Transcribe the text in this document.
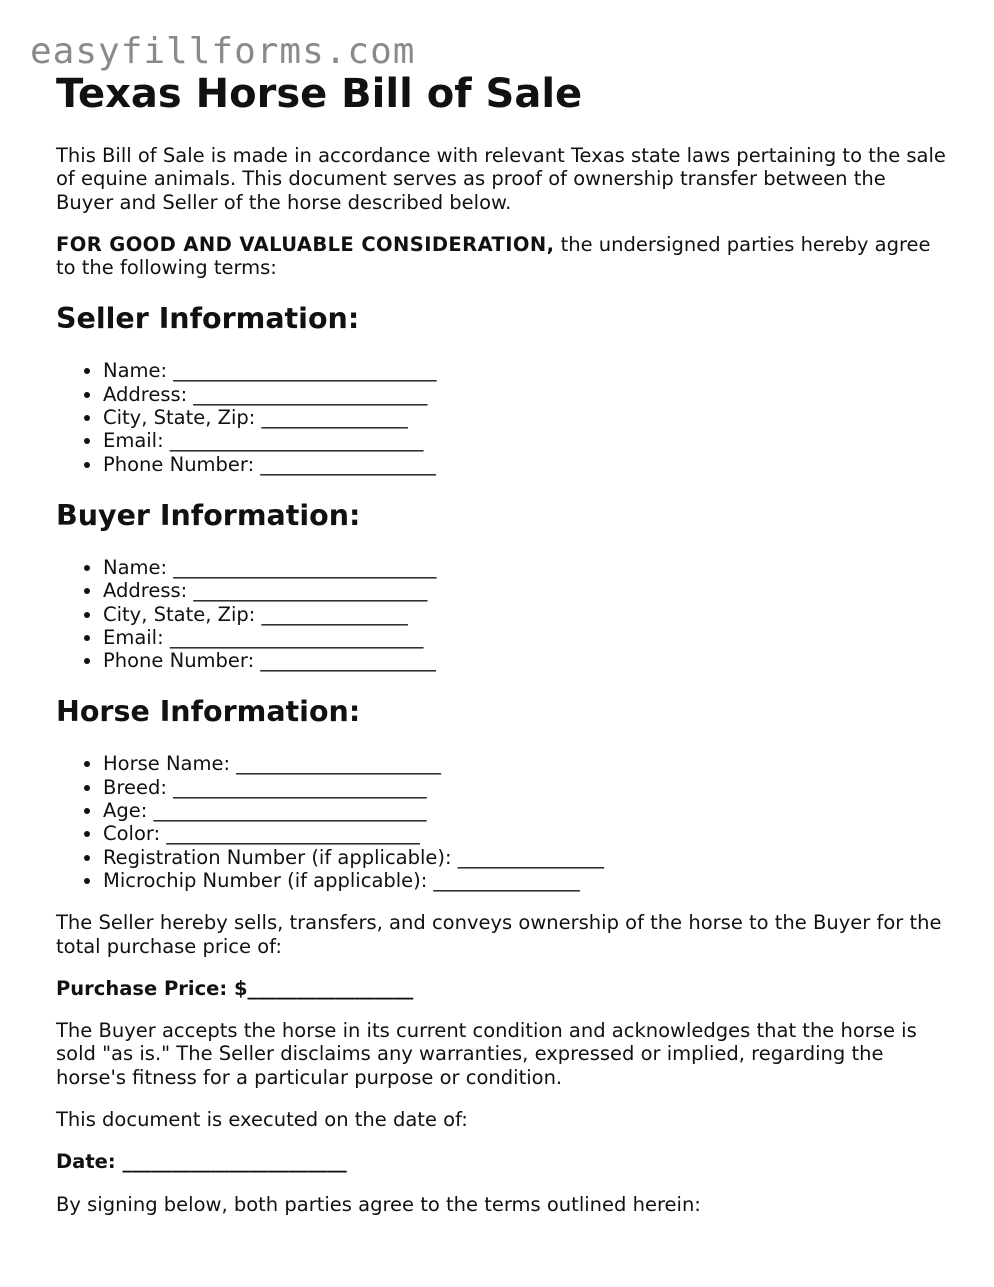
easyfillforms.com
Texas Horse Bill of Sale

This Bill of Sale is made in accordance with relevant Texas state laws pertaining to the sale of equine animals. This document serves as proof of ownership transfer between the Buyer and Seller of the horse described below.

FOR GOOD AND VALUABLE CONSIDERATION, the undersigned parties hereby agree to the following terms:

Seller Information:
• Name: ___________________________
• Address: ________________________
• City, State, Zip: _______________
• Email: __________________________
• Phone Number: __________________
Buyer Information:
• Name: ___________________________
• Address: ________________________
• City, State, Zip: _______________
• Email: __________________________
• Phone Number: __________________
Horse Information:
• Horse Name: _____________________
• Breed: __________________________
• Age: ____________________________
• Color: __________________________
• Registration Number (if applicable): _______________
• Microchip Number (if applicable): _______________

The Seller hereby sells, transfers, and conveys ownership of the horse to the Buyer for the total purchase price of:

Purchase Price: $_________________

The Buyer accepts the horse in its current condition and acknowledges that the horse is sold "as is." The Seller disclaims any warranties, expressed or implied, regarding the horse's fitness for a particular purpose or condition.

This document is executed on the date of:

Date: _______________________

By signing below, both parties agree to the terms outlined herein:
